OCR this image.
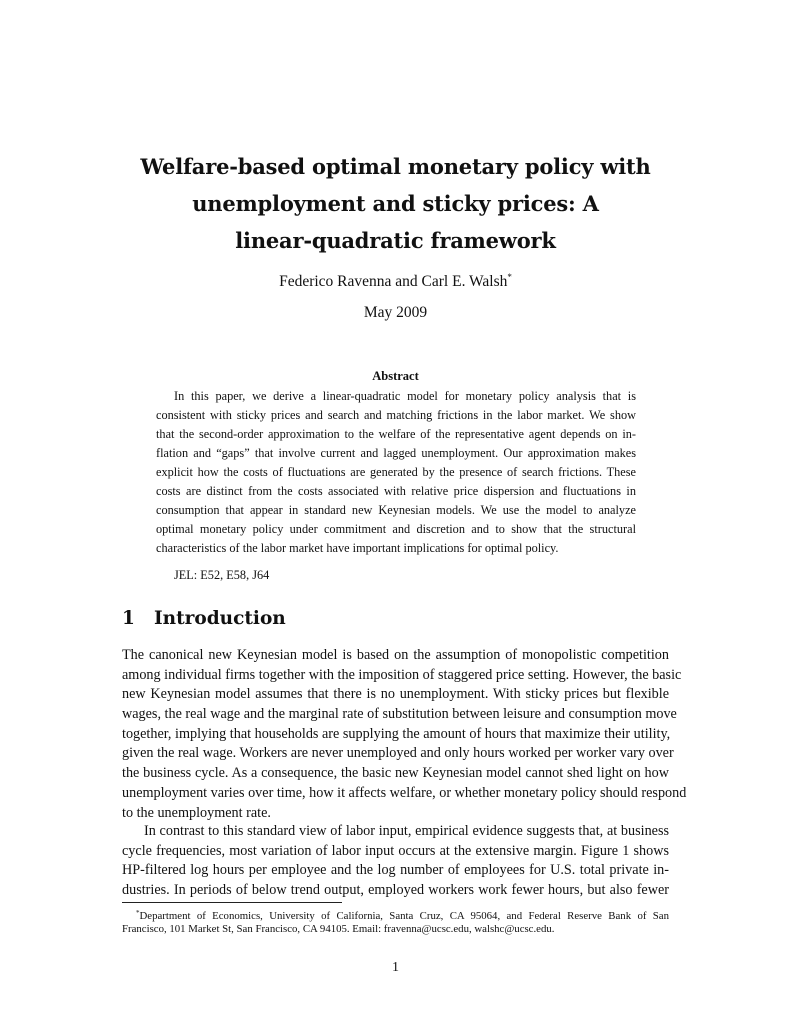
Welfare-based optimal monetary policy with
unemployment and sticky prices: A
linear-quadratic framework
Federico Ravenna and Carl E. Walsh*
May 2009
Abstract
In this paper, we derive a linear-quadratic model for monetary policy analysis that is
consistent with sticky prices and search and matching frictions in the labor market. We show
that the second-order approximation to the welfare of the representative agent depends on in-
flation and “gaps” that involve current and lagged unemployment. Our approximation makes
explicit how the costs of fluctuations are generated by the presence of search frictions. These
costs are distinct from the costs associated with relative price dispersion and fluctuations in
consumption that appear in standard new Keynesian models. We use the model to analyze
optimal monetary policy under commitment and discretion and to show that the structural
characteristics of the labor market have important implications for optimal policy.
JEL: E52, E58, J64
1 Introduction
The canonical new Keynesian model is based on the assumption of monopolistic competition
among individual firms together with the imposition of staggered price setting. However, the basic
new Keynesian model assumes that there is no unemployment. With sticky prices but flexible
wages, the real wage and the marginal rate of substitution between leisure and consumption move
together, implying that households are supplying the amount of hours that maximize their utility,
given the real wage. Workers are never unemployed and only hours worked per worker vary over
the business cycle. As a consequence, the basic new Keynesian model cannot shed light on how
unemployment varies over time, how it affects welfare, or whether monetary policy should respond
to the unemployment rate.
In contrast to this standard view of labor input, empirical evidence suggests that, at business
cycle frequencies, most variation of labor input occurs at the extensive margin. Figure 1 shows
HP-filtered log hours per employee and the log number of employees for U.S. total private in-
dustries. In periods of below trend output, employed workers work fewer hours, but also fewer
*Department of Economics, University of California, Santa Cruz, CA 95064, and Federal Reserve Bank of San
Francisco, 101 Market St, San Francisco, CA 94105. Email: fravenna@ucsc.edu, walshc@ucsc.edu.
1
